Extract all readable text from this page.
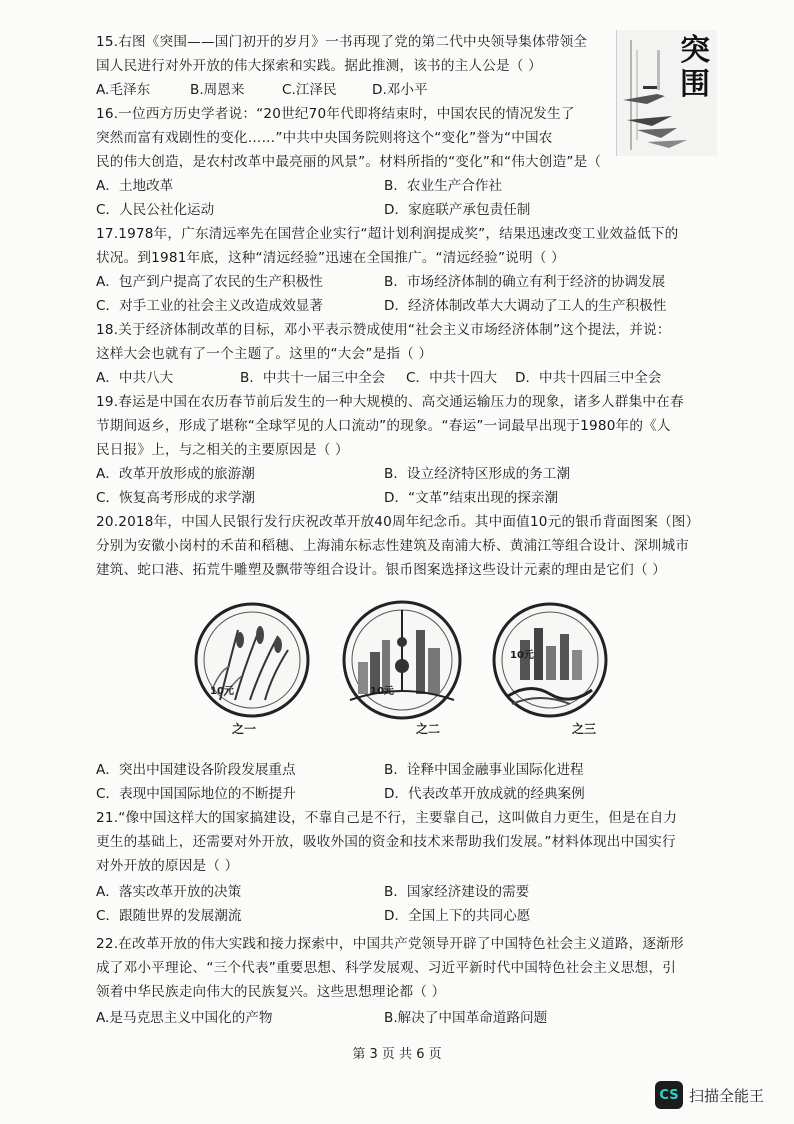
突围
15.右图《突围——国门初开的岁月》一书再现了党的第二代中央领导集体带领全
国人民进行对外开放的伟大探索和实践。据此推测，该书的主人公是（ ）
A.毛泽东	B.周恩来	C.江泽民	D.邓小平
16.一位西方历史学者说：“20世纪70年代即将结束时，中国农民的情况发生了
突然而富有戏剧性的变化……”中共中央国务院则将这个“变化”誉为“中国农
民的伟大创造，是农村改革中最亮丽的风景”。材料所指的“变化”和“伟大创造”是（
A．土地改革	B．农业生产合作社
C．人民公社化运动	D．家庭联产承包责任制
17.1978年，广东清远率先在国营企业实行“超计划利润提成奖”，结果迅速改变工业效益低下的
状况。到1981年底，这种“清远经验”迅速在全国推广。“清远经验”说明（ ）
A．包产到户提高了农民的生产积极性	B．市场经济体制的确立有利于经济的协调发展
C．对手工业的社会主义改造成效显著	D．经济体制改革大大调动了工人的生产积极性
18.关于经济体制改革的目标，邓小平表示赞成使用“社会主义市场经济体制”这个提法，并说：
这样大会也就有了一个主题了。这里的“大会”是指（ ）
A．中共八大	B．中共十一届三中全会 C．中共十四大 D．中共十四届三中全会
19.春运是中国在农历春节前后发生的一种大规模的、高交通运输压力的现象，诸多人群集中在春
节期间返乡，形成了堪称“全球罕见的人口流动”的现象。“春运”一词最早出现于1980年的《人
民日报》上，与之相关的主要原因是（ ）
A．改革开放形成的旅游潮	B．设立经济特区形成的务工潮
C．恢复高考形成的求学潮	D．“文革”结束出现的探亲潮
20.2018年，中国人民银行发行庆祝改革开放40周年纪念币。其中面值10元的银币背面图案（图）
分别为安徽小岗村的禾苗和稻穗、上海浦东标志性建筑及南浦大桥、黄浦江等组合设计、深圳城市
建筑、蛇口港、拓荒牛雕塑及飘带等组合设计。银币图案选择这些设计元素的理由是它们（ ）
10元	10元
10元
之一	之二	之三
A．突出中国建设各阶段发展重点	B．诠释中国金融事业国际化进程
C．表现中国国际地位的不断提升	D．代表改革开放成就的经典案例
21.“像中国这样大的国家搞建设，不靠自己是不行，主要靠自己，这叫做自力更生，但是在自力
更生的基础上，还需要对外开放，吸收外国的资金和技术来帮助我们发展。”材料体现出中国实行
对外开放的原因是（ ）
A．落实改革开放的决策	B．国家经济建设的需要
C．跟随世界的发展潮流	D．全国上下的共同心愿
22.在改革开放的伟大实践和接力探索中，中国共产党领导开辟了中国特色社会主义道路，逐渐形
成了邓小平理论、“三个代表”重要思想、科学发展观、习近平新时代中国特色社会主义思想，引
领着中华民族走向伟大的民族复兴。这些思想理论都（ ）
A.是马克思主义中国化的产物	B.解决了中国革命道路问题
第 3 页 共 6 页
CS 扫描全能王
